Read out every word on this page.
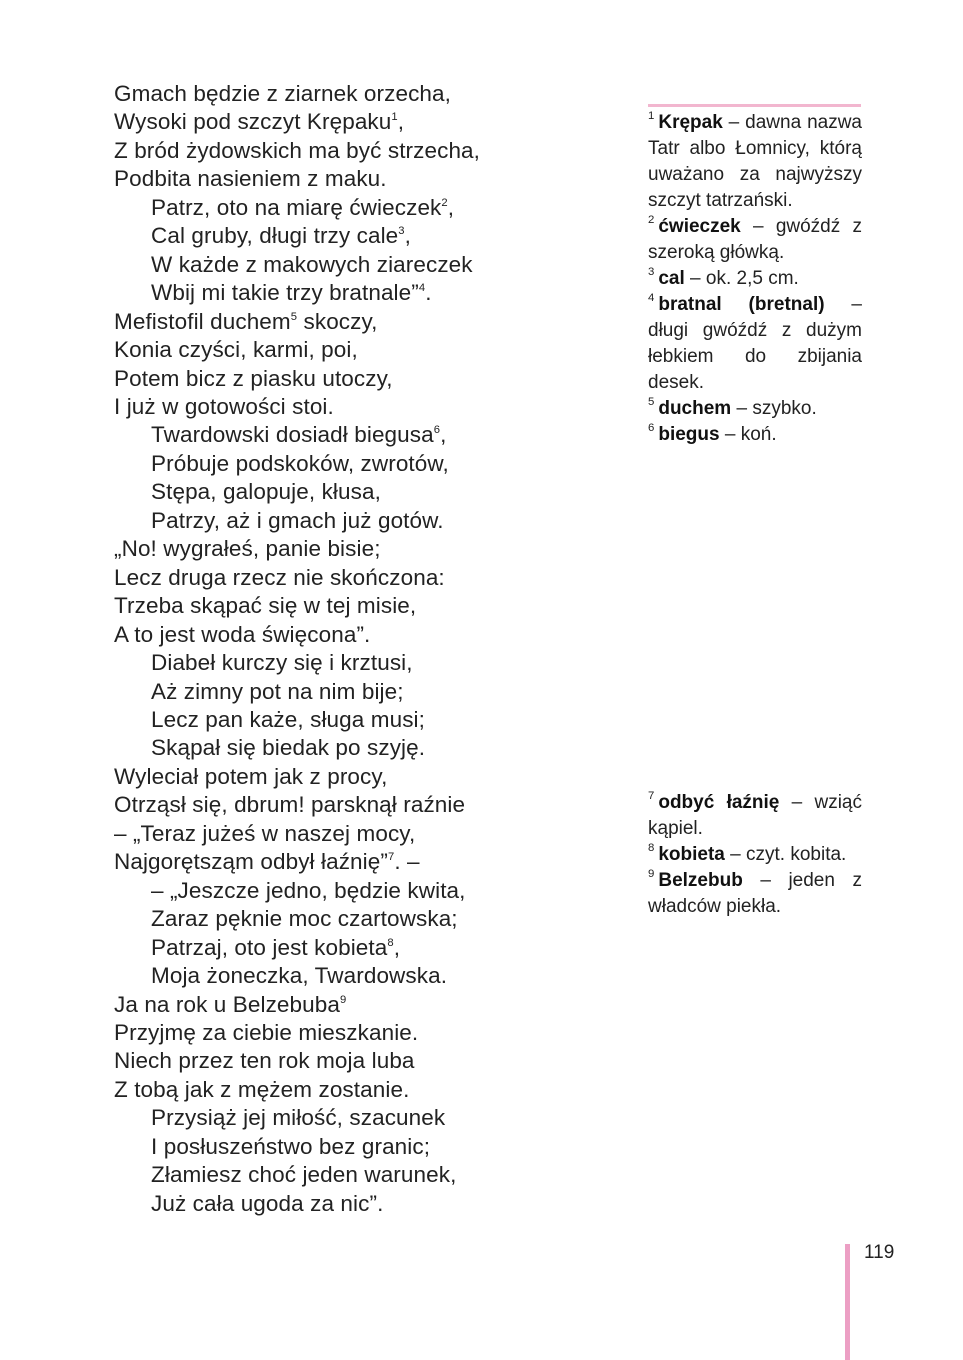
Gmach będzie z ziarnek orzecha,
Wysoki pod szczyt Krępaku$^1$,
Z bród żydowskich ma być strzecha,
Podbita nasieniem z maku.
Patrz, oto na miarę ćwieczek$^2$,
Cal gruby, długi trzy cale$^3$,
W każde z makowych ziareczek
Wbij mi takie trzy bratnale”$^4$.
Mefistofil duchem$^5$ skoczy,
Konia czyści, karmi, poi,
Potem bicz z piasku utoczy,
I już w gotowości stoi.
Twardowski dosiadł biegusa$^6$,
Próbuje podskoków, zwrotów,
Stępa, galopuje, kłusa,
Patrzy, aż i gmach już gotów.
„No! wygrałeś, panie bisie;
Lecz druga rzecz nie skończona:
Trzeba skąpać się w tej misie,
A to jest woda święcona”.
Diabeł kurczy się i krztusi,
Aż zimny pot na nim bije;
Lecz pan każe, sługa musi;
Skąpał się biedak po szyję.
Wyleciał potem jak z procy,
Otrząsł się, dbrum! parsknął raźnie
– „Teraz jużeś w naszej mocy,
Najgorętsząm odbył łaźnię”$^7$. –
– „Jeszcze jedno, będzie kwita,
Zaraz pęknie moc czartowska;
Patrzaj, oto jest kobieta$^8$,
Moja żoneczka, Twardowska.
Ja na rok u Belzebuba$^9$
Przyjmę za ciebie mieszkanie.
Niech przez ten rok moja luba
Z tobą jak z mężem zostanie.
Przysiąż jej miłość, szacunek
I posłuszeństwo bez granic;
Złamiesz choć jeden warunek,
Już cała ugoda za nic”.
$^1$ Krępak – dawna nazwa Tatr albo Łomnicy, którą uważano za najwyższy szczyt tatrzański.
$^2$ ćwieczek – gwóźdź z szeroką główką.
$^3$ cal – ok. 2,5 cm.
$^4$ bratnal (bretnal) – długi gwóźdź z dużym łebkiem do zbijania desek.
$^5$ duchem – szybko.
$^6$ biegus – koń.
$^7$ odbyć łaźnię – wziąć kąpiel.
$^8$ kobieta – czyt. kobita.
$^9$ Belzebub – jeden z władców piekła.
119
